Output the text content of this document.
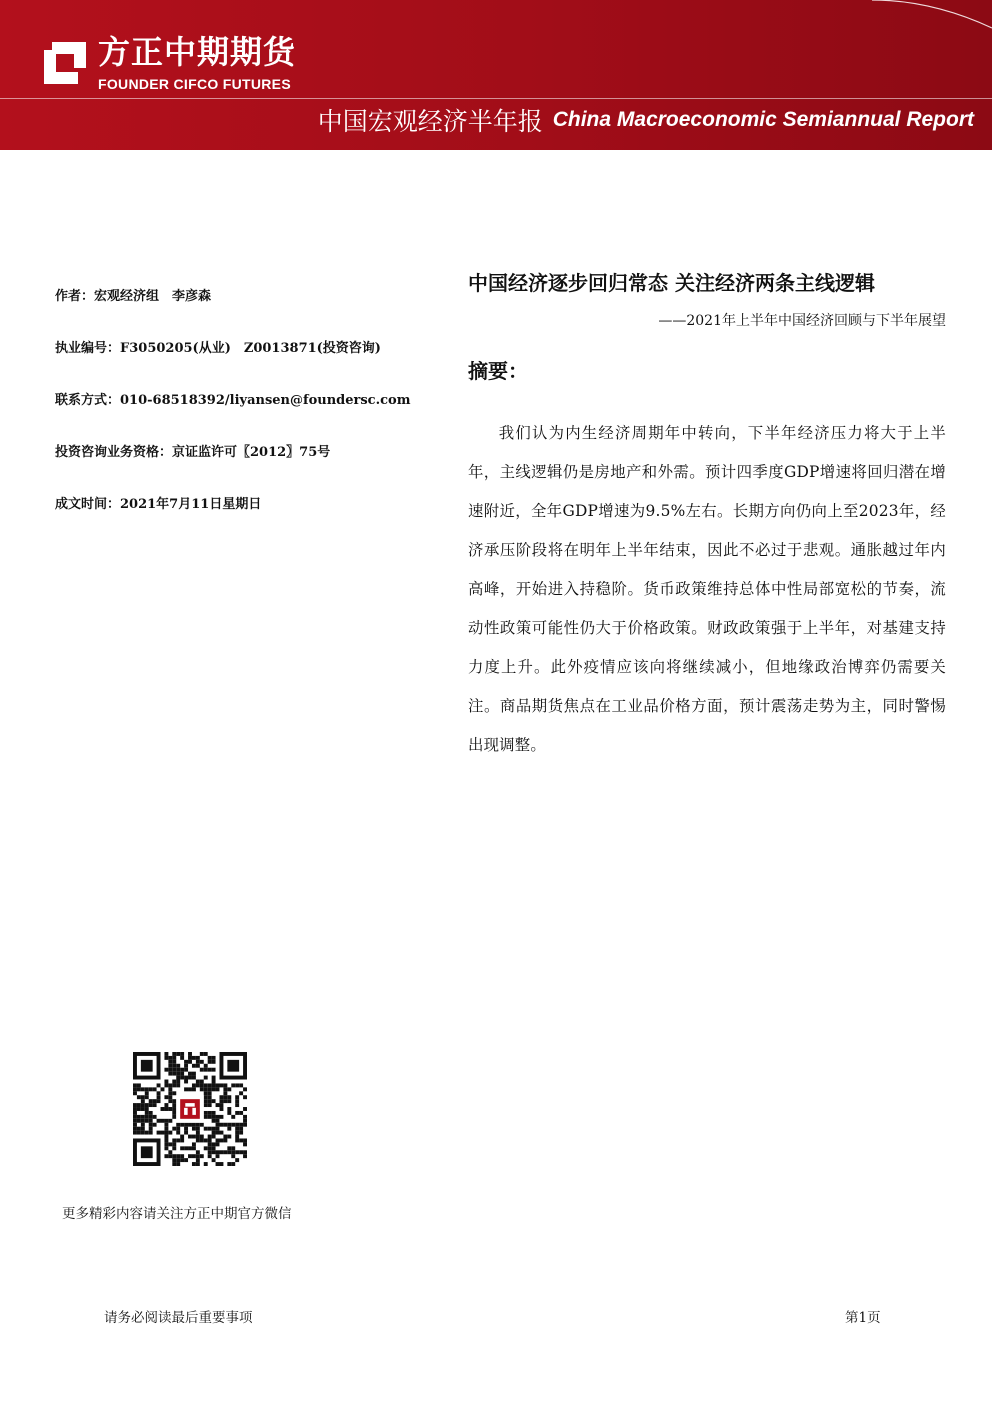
方正中期期货
FOUNDER CIFCO FUTURES
中国宏观经济半年报 China Macroeconomic Semiannual Report
作者：宏观经济组　李彦森
执业编号：F3050205(从业)　Z0013871(投资咨询)
联系方式：010-68518392/liyansen@foundersc.com
投资咨询业务资格：京证监许可〖2012〗75号
成文时间：2021年7月11日星期日
中国经济逐步回归常态 关注经济两条主线逻辑
——2021年上半年中国经济回顾与下半年展望
摘要：
我们认为内生经济周期年中转向，下半年经济压力将大于上半年，主线逻辑仍是房地产和外需。预计四季度GDP增速将回归潜在增速附近，全年GDP增速为9.5%左右。长期方向仍向上至2023年，经济承压阶段将在明年上半年结束，因此不必过于悲观。通胀越过年内高峰，开始进入持稳阶。货币政策维持总体中性局部宽松的节奏，流动性政策可能性仍大于价格政策。财政政策强于上半年，对基建支持力度上升。此外疫情应该向将继续减小，但地缘政治博弈仍需要关注。商品期货焦点在工业品价格方面，预计震荡走势为主，同时警惕出现调整。
更多精彩内容请关注方正中期官方微信
请务必阅读最后重要事项	第1页
